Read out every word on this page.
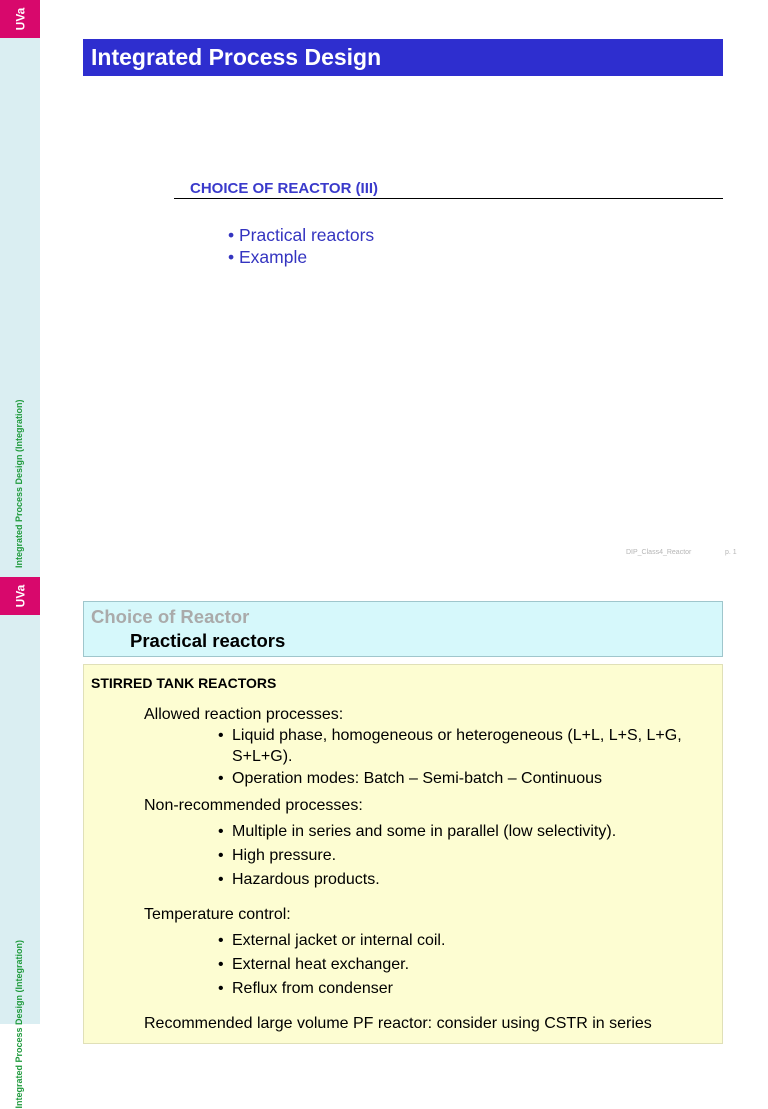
UVa
UVa
Integrated Process Design (Integration)
Integrated Process Design (Integration)
Integrated Process Design
CHOICE OF REACTOR (III)
• Practical reactors
• Example
DIP_Class4_Reactor	p. 1
Choice of Reactor
Practical reactors
STIRRED TANK REACTORS
Allowed reaction processes:
• Liquid phase, homogeneous or heterogeneous (L+L, L+S, L+G, S+L+G).
• Operation modes: Batch – Semi-batch – Continuous
Non-recommended processes:
• Multiple in series and some in parallel (low selectivity).
• High pressure.
• Hazardous products.
Temperature control:
• External jacket or internal coil.
• External heat exchanger.
• Reflux from condenser
Recommended large volume PF reactor: consider using CSTR in series
